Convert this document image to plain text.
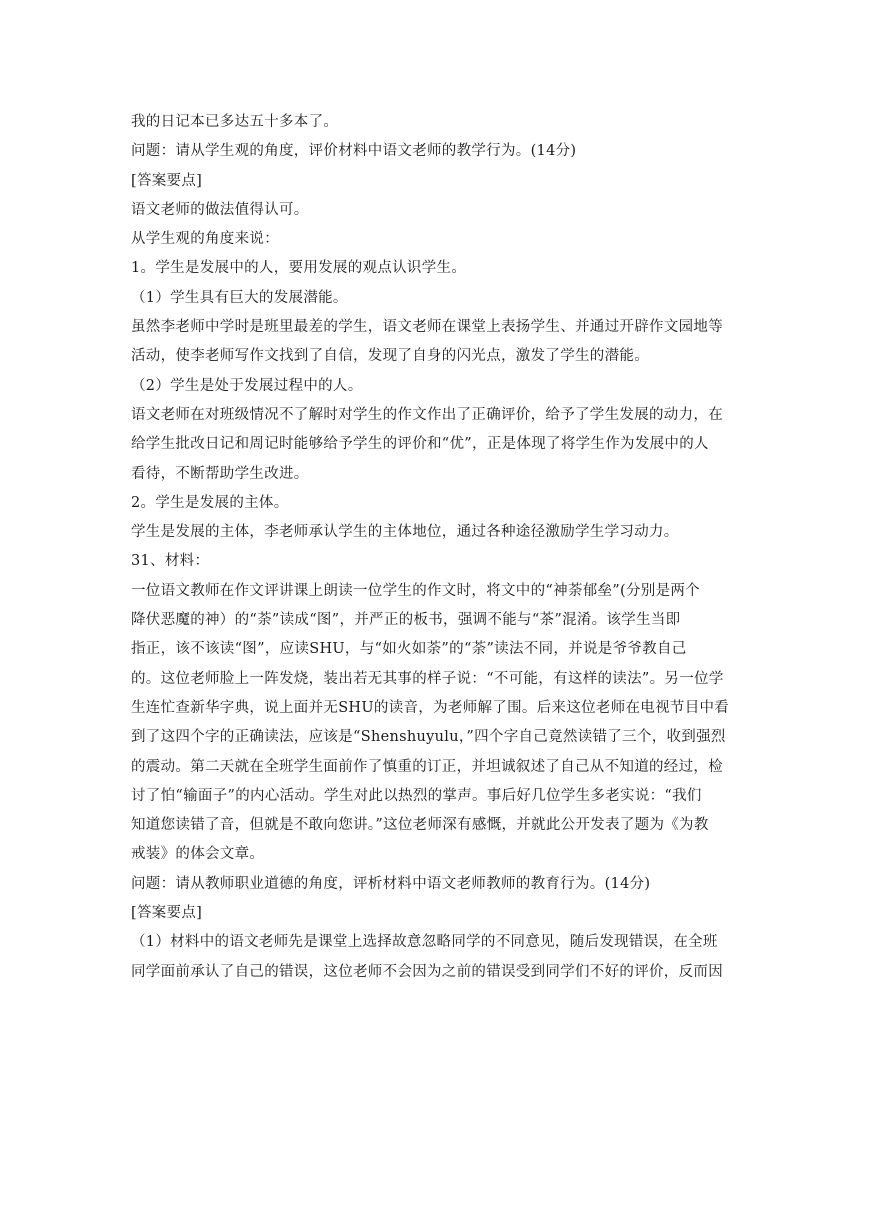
我的日记本已多达五十多本了。
问题：请从学生观的角度，评价材料中语文老师的教学行为。(14分)
[答案要点]
语文老师的做法值得认可。
从学生观的角度来说：
1。学生是发展中的人，要用发展的观点认识学生。
（1）学生具有巨大的发展潜能。
虽然李老师中学时是班里最差的学生，语文老师在课堂上表扬学生、并通过开辟作文园地等
活动，使李老师写作文找到了自信，发现了自身的闪光点，激发了学生的潜能。
（2）学生是处于发展过程中的人。
语文老师在对班级情况不了解时对学生的作文作出了正确评价，给予了学生发展的动力，在
给学生批改日记和周记时能够给予学生的评价和“优”，正是体现了将学生作为发展中的人
看待，不断帮助学生改进。
2。学生是发展的主体。
学生是发展的主体，李老师承认学生的主体地位，通过各种途径激励学生学习动力。
31、材料：
一位语文教师在作文评讲课上朗读一位学生的作文时，将文中的“神荼郁垒”(分别是两个
降伏恶魔的神）的“荼”读成“图”，并严正的板书，强调不能与“茶”混淆。该学生当即
指正，该不该读“图”，应读SHU，与“如火如荼”的“荼”读法不同，并说是爷爷教自己
的。这位老师脸上一阵发烧，装出若无其事的样子说：“不可能，有这样的读法”。另一位学
生连忙查新华字典，说上面并无SHU的读音，为老师解了围。后来这位老师在电视节目中看
到了这四个字的正确读法，应该是“Shenshuyulu，”四个字自己竟然读错了三个，收到强烈
的震动。第二天就在全班学生面前作了慎重的订正，并坦诚叙述了自己从不知道的经过，检
讨了怕“输面子”的内心活动。学生对此以热烈的掌声。事后好几位学生多老实说：“我们
知道您读错了音，但就是不敢向您讲。”这位老师深有感慨，并就此公开发表了题为《为教
戒装》的体会文章。
问题：请从教师职业道德的角度，评析材料中语文老师教师的教育行为。(14分)
[答案要点]
（1）材料中的语文老师先是课堂上选择故意忽略同学的不同意见，随后发现错误，在全班
同学面前承认了自己的错误，这位老师不会因为之前的错误受到同学们不好的评价，反而因
